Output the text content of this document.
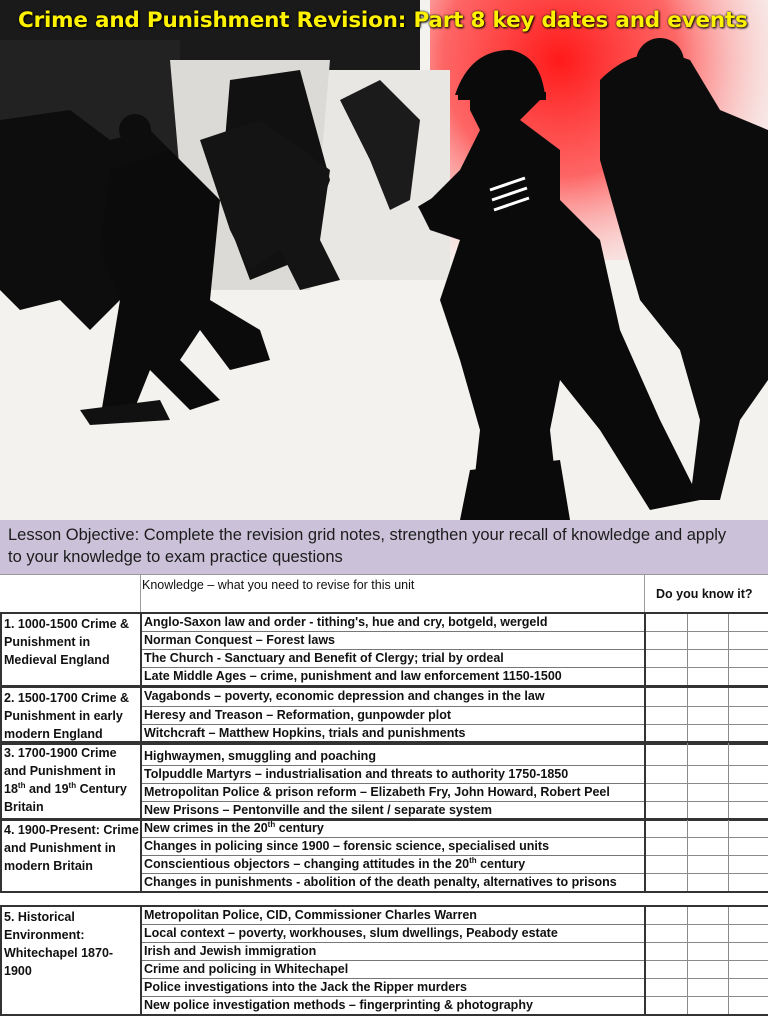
Crime and Punishment Revision: Part 8 key dates and events
Lesson Objective: Complete the revision grid notes, strengthen your recall of knowledge and apply
to your knowledge to exam practice questions
Knowledge – what you need to revise for this unit
Do you know it?
1. 1000-1500 Crime & Punishment in Medieval England	Anglo-Saxon law and order - tithing's, hue and cry, botgeld, wergeld			
	Norman Conquest – Forest laws			
	The Church - Sanctuary and Benefit of Clergy; trial by ordeal			
	Late Middle Ages – crime, punishment and law enforcement 1150-1500			
2. 1500-1700 Crime & Punishment in early modern England	Vagabonds – poverty, economic depression and changes in the law			
	Heresy and Treason – Reformation, gunpowder plot			
	Witchcraft – Matthew Hopkins, trials and punishments			
3. 1700-1900 Crime and Punishment in 18th and 19th Century Britain	Highwaymen, smuggling and poaching			
	Tolpuddle Martyrs – industrialisation and threats to authority 1750-1850			
	Metropolitan Police & prison reform – Elizabeth Fry, John Howard, Robert Peel			
	New Prisons – Pentonville and the silent / separate system			
4. 1900-Present: Crime and Punishment in modern Britain	New crimes in the 20th century			
	Changes in policing since 1900 – forensic science, specialised units			
	Conscientious objectors – changing attitudes in the 20th century			
	Changes in punishments - abolition of the death penalty, alternatives to prisons			
5. Historical Environment: Whitechapel 1870-1900	Metropolitan Police, CID, Commissioner Charles Warren			
	Local context – poverty, workhouses, slum dwellings, Peabody estate			
	Irish and Jewish immigration			
	Crime and policing in Whitechapel			
	Police investigations into the Jack the Ripper murders			
	New police investigation methods – fingerprinting & photography			
